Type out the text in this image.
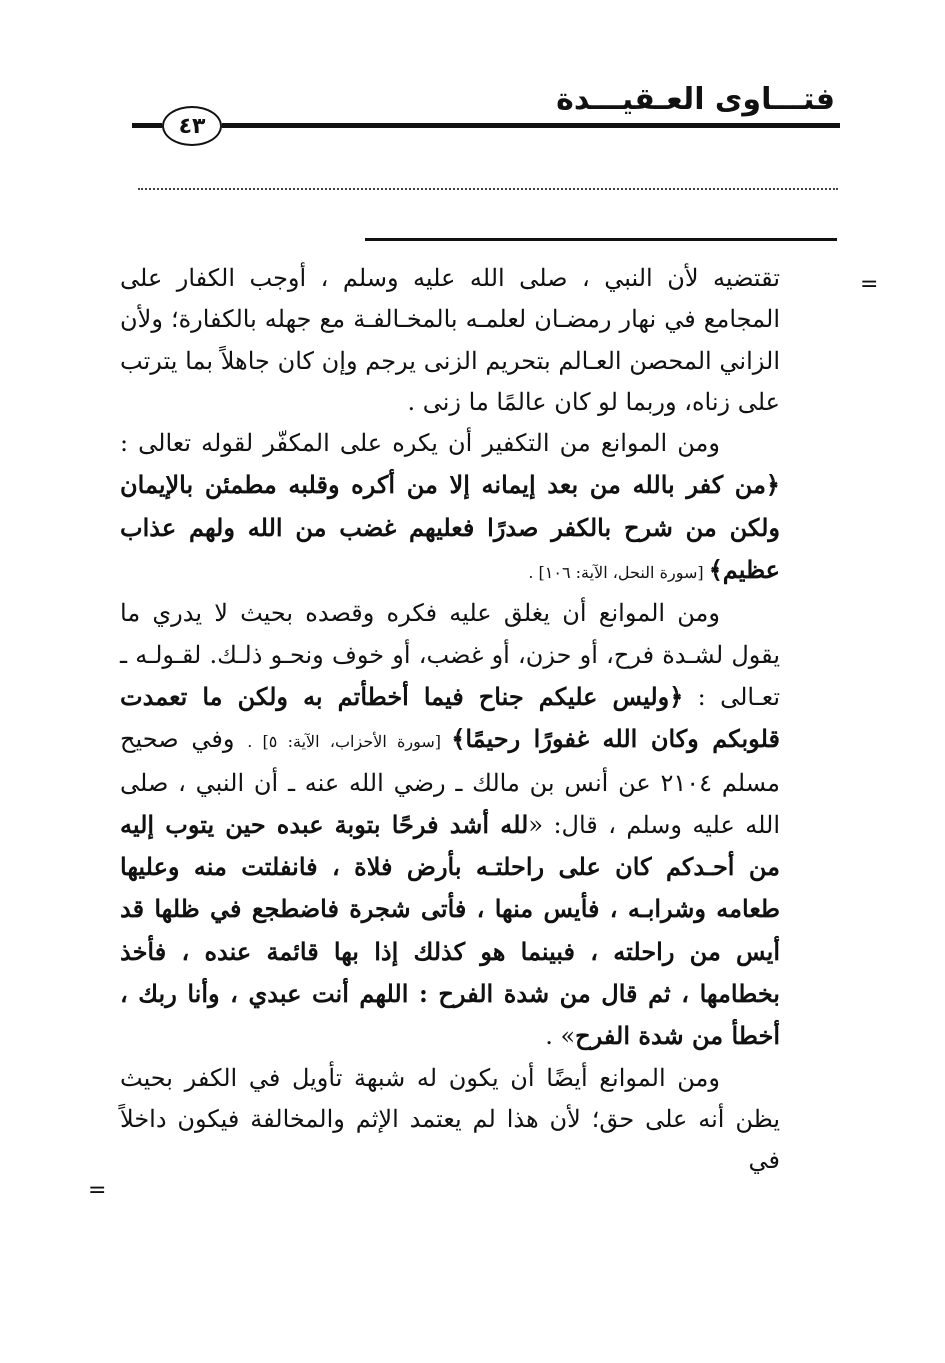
فتـــاوى العـقيـــدة
٤٣
=
=

تقتضيه لأن النبي ، صلى الله عليه وسلم ، أوجب الكفار على المجامع في نهار رمضـان لعلمـه بالمخـالفـة مع جهله بالكفارة؛ ولأن الزاني المحصن العـالم بتحريم الزنى يرجم وإن كان جاهلاً بما يترتب على زناه، وربما لو كان عالمًا ما زنى .

ومن الموانع من التكفير أن يكره على المكفّر لقوله تعالى : ﴿من كفر بالله من بعد إيمانه إلا من أكره وقلبه مطمئن بالإيمان ولكن من شرح بالكفر صدرًا فعليهم غضب من الله ولهم عذاب عظيم﴾ [سورة النحل، الآية: ١٠٦] .

ومن الموانع أن يغلق عليه فكره وقصده بحيث لا يدري ما يقول لشـدة فرح، أو حزن، أو غضب، أو خوف ونحـو ذلـك. لقـولـه ـ تعـالى : ﴿وليس عليكم جناح فيما أخطأتم به ولكن ما تعمدت قلوبكم وكان الله غفورًا رحيمًا﴾ [سورة الأحزاب، الآية: ٥] . وفي صحيح مسلم ٢١٠٤ عن أنس بن مالك ـ رضي الله عنه ـ أن النبي ، صلى الله عليه وسلم ، قال: «لله أشد فرحًا بتوبة عبده حين يتوب إليه من أحـدكم كان على راحلتـه بأرض فلاة ، فانفلتت منه وعليها طعامه وشرابـه ، فأيس منها ، فأتى شجرة فاضطجع في ظلها قد أيس من راحلته ، فبينما هو كذلك إذا بها قائمة عنده ، فأخذ بخطامها ، ثم قال من شدة الفرح : اللهم أنت عبدي ، وأنا ربك ، أخطأ من شدة الفرح» .

ومن الموانع أيضًا أن يكون له شبهة تأويل في الكفر بحيث يظن أنه على حق؛ لأن هذا لم يعتمد الإثم والمخالفة فيكون داخلاً في
